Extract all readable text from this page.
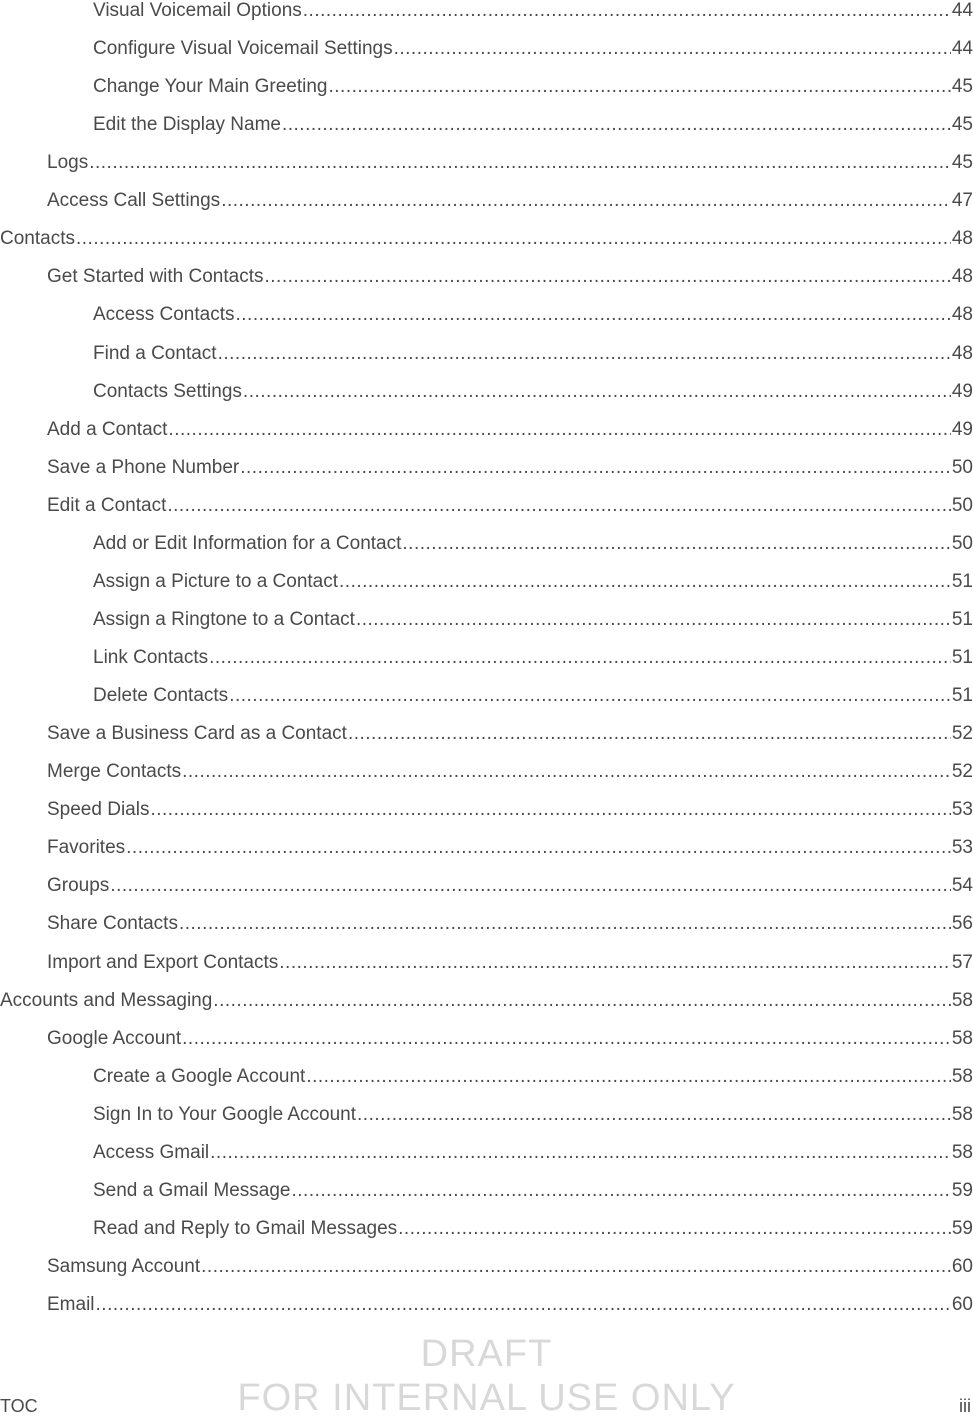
Visual Voicemail Options .....	44
Configure Visual Voicemail Settings .....	44
Change Your Main Greeting .....	45
Edit the Display Name .....	45
Logs .....	45
Access Call Settings .....	47
Contacts .....	48
Get Started with Contacts .....	48
Access Contacts .....	48
Find a Contact .....	48
Contacts Settings .....	49
Add a Contact .....	49
Save a Phone Number .....	50
Edit a Contact .....	50
Add or Edit Information for a Contact .....	50
Assign a Picture to a Contact .....	51
Assign a Ringtone to a Contact .....	51
Link Contacts .....	51
Delete Contacts .....	51
Save a Business Card as a Contact .....	52
Merge Contacts .....	52
Speed Dials .....	53
Favorites .....	53
Groups .....	54
Share Contacts .....	56
Import and Export Contacts .....	57
Accounts and Messaging .....	58
Google Account .....	58
Create a Google Account .....	58
Sign In to Your Google Account .....	58
Access Gmail .....	58
Send a Gmail Message .....	59
Read and Reply to Gmail Messages .....	59
Samsung Account .....	60
Email .....	60
DRAFT
FOR INTERNAL USE ONLY
TOC	iii
